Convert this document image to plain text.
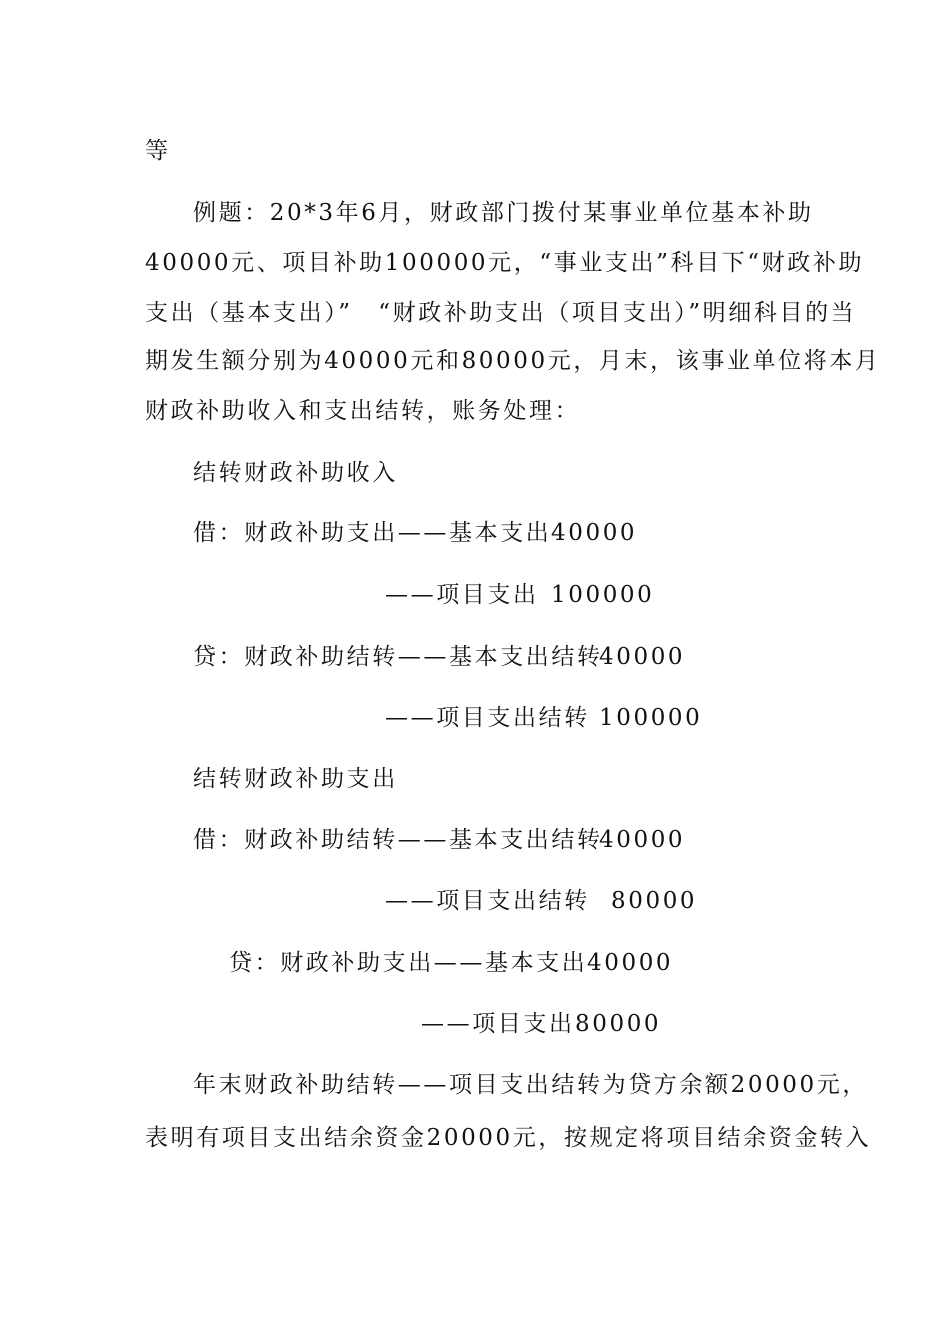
等
例题：20*3年6月，财政部门拨付某事业单位基本补助
40000元、项目补助100000元，“事业支出”科目下“财政补助
支出（基本支出）”　“财政补助支出（项目支出）”明细科目的当
期发生额分别为40000元和80000元，月末，该事业单位将本月
财政补助收入和支出结转，账务处理：
结转财政补助收入
借：财政补助支出——基本支出 40000
——项目支出 100000
贷：财政补助结转——基本支出结转
40000
——项目支出结转 100000
结转财政补助支出
借：财政补助结转——基本支出结转
40000
——项目支出结转 80000
贷：财政补助支出——基本支出 40000
——项目支出 80000
年末财政补助结转——项目支出结转为贷方余额20000元，
表明有项目支出结余资金20000元，按规定将项目结余资金转入
